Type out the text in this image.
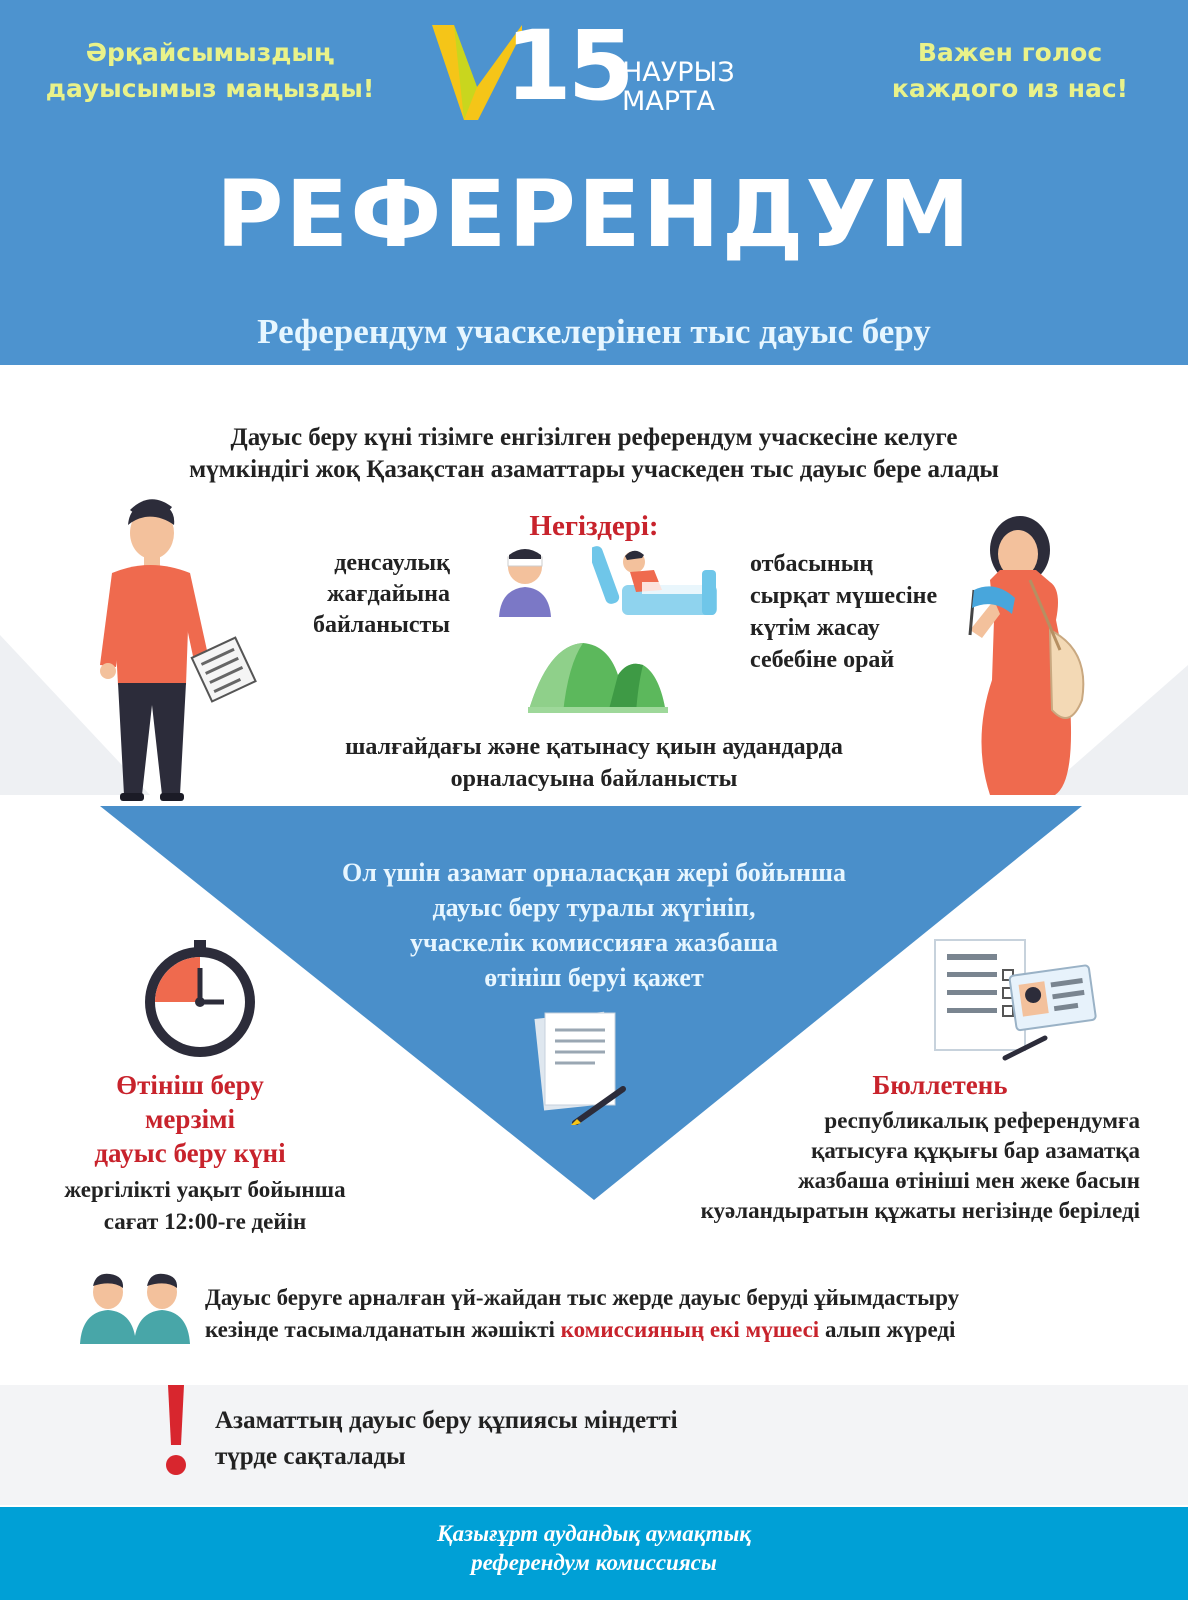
Әрқайсымыздың
дауысымыз маңызды!
Важен голос
каждого из нас!
15
НАУРЫЗ
МАРТА
РЕФЕРЕНДУМ
Референдум учаскелерінен тыс дауыс беру
Дауыс беру күні тізімге енгізілген референдум учаскесіне келуге
мүмкіндігі жоқ Қазақстан азаматтары учаскеден тыс дауыс бере алады
Негіздері:
денсаулық
жағдайына
байланысты
отбасының
сырқат мүшесіне
күтім жасау
себебіне орай
шалғайдағы және қатынасу қиын аудандарда
орналасуына байланысты
Ол үшін азамат орналасқан жері бойынша
дауыс беру туралы жүгініп,
учаскелік комиссияға жазбаша
өтініш беруі қажет
Өтініш беру
мерзімі
дауыс беру күні
жергілікті уақыт бойынша
сағат 12:00-ге дейін
Бюллетень
республикалық референдумға
қатысуға құқығы бар азаматқа
жазбаша өтініші мен жеке басын
куәландыратын құжаты негізінде беріледі
Дауыс беруге арналған үй-жайдан тыс жерде дауыс беруді ұйымдастыру
кезінде тасымалданатын жәшікті комиссияның екі мүшесі алып жүреді
Азаматтың дауыс беру құпиясы міндетті
түрде сақталады
Қазығұрт аудандық аумақтық
референдум комиссиясы
